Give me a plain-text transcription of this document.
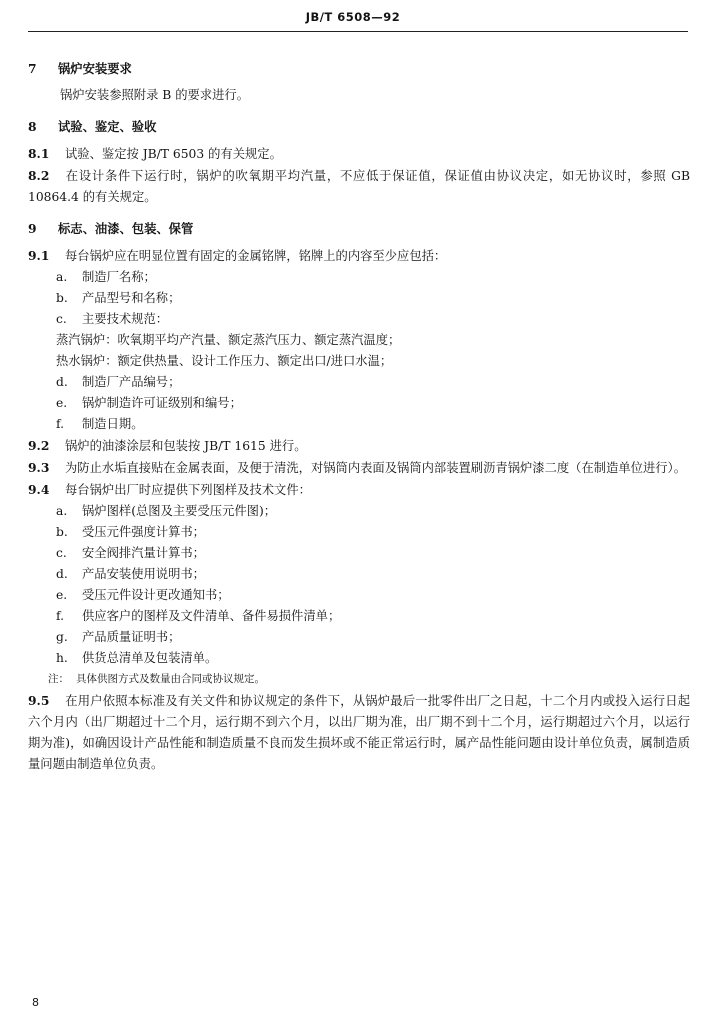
JB/T 6508—92
7 锅炉安装要求

锅炉安装参照附录 B 的要求进行。

8 试验、鉴定、验收

8.1 试验、鉴定按 JB/T 6503 的有关规定。

8.2 在设计条件下运行时，锅炉的吹氧期平均汽量，不应低于保证值，保证值由协议决定，如无协议时，参照 GB 10864.4 的有关规定。

9 标志、油漆、包装、保管

9.1 每台锅炉应在明显位置有固定的金属铭牌，铭牌上的内容至少应包括：

a. 制造厂名称；

b. 产品型号和名称；

c. 主要技术规范：

蒸汽锅炉：吹氧期平均产汽量、额定蒸汽压力、额定蒸汽温度；

热水锅炉：额定供热量、设计工作压力、额定出口/进口水温；

d. 制造厂产品编号；

e. 锅炉制造许可证级别和编号；

f. 制造日期。

9.2 锅炉的油漆涂层和包装按 JB/T 1615 进行。

9.3 为防止水垢直接贴在金属表面，及便于清洗，对锅筒内表面及锅筒内部装置刷沥青锅炉漆二度（在制造单位进行）。

9.4 每台锅炉出厂时应提供下列图样及技术文件：

a. 锅炉图样(总图及主要受压元件图)；

b. 受压元件强度计算书；

c. 安全阀排汽量计算书；

d. 产品安装使用说明书；

e. 受压元件设计更改通知书；

f. 供应客户的图样及文件清单、备件易损件清单；

g. 产品质量证明书；

h. 供货总清单及包装清单。

注： 具体供图方式及数量由合同或协议规定。

9.5 在用户依照本标准及有关文件和协议规定的条件下，从锅炉最后一批零件出厂之日起，十二个月内或投入运行日起六个月内（出厂期超过十二个月，运行期不到六个月，以出厂期为准，出厂期不到十二个月，运行期超过六个月，以运行期为准)，如确因设计产品性能和制造质量不良而发生损坏或不能正常运行时，属产品性能问题由设计单位负责，属制造质量问题由制造单位负责。

8
